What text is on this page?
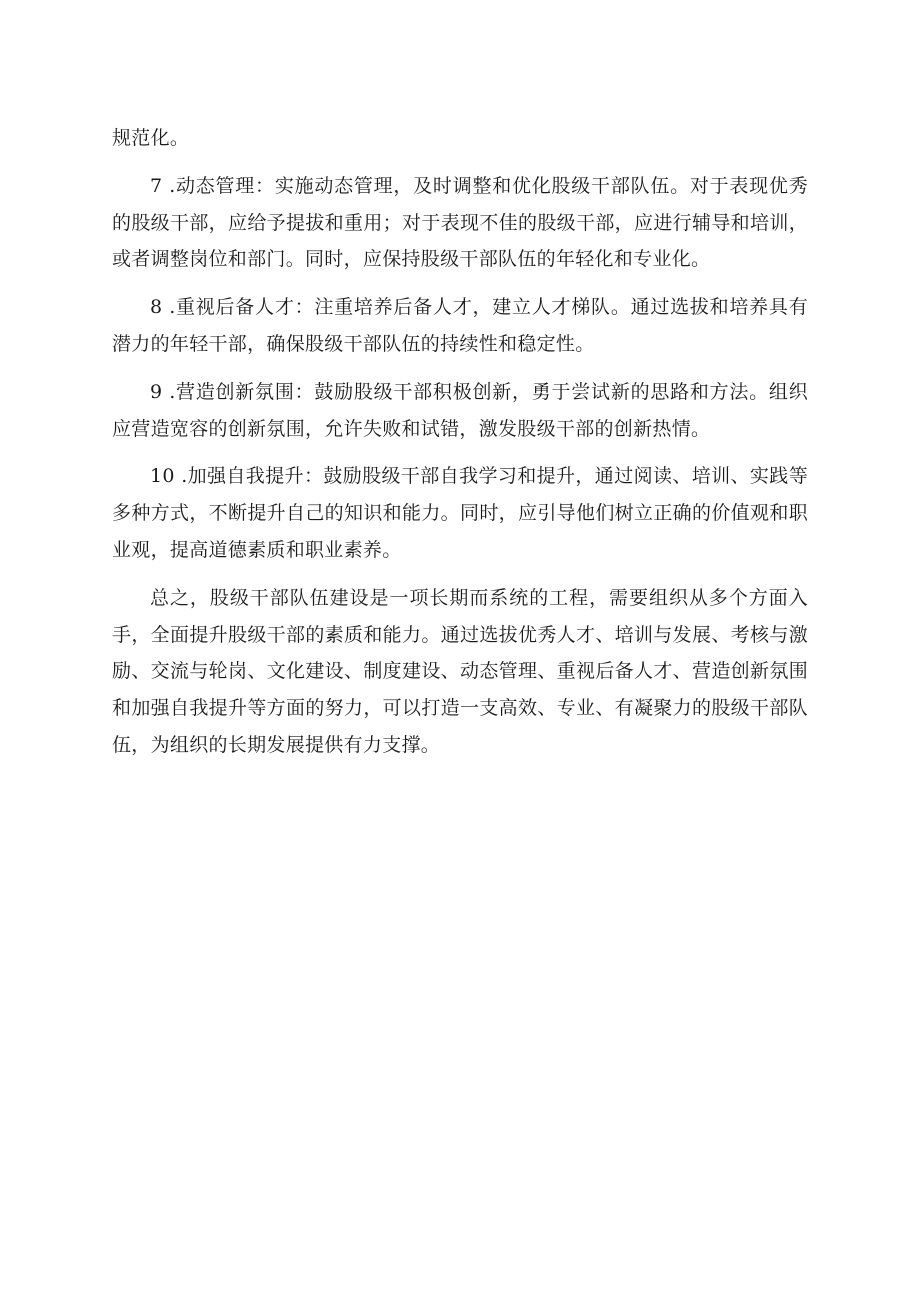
规范化。

7 .动态管理：实施动态管理，及时调整和优化股级干部队伍。对于表现优秀的股级干部，应给予提拔和重用；对于表现不佳的股级干部，应进行辅导和培训，或者调整岗位和部门。同时，应保持股级干部队伍的年轻化和专业化。

8 .重视后备人才：注重培养后备人才，建立人才梯队。通过选拔和培养具有潜力的年轻干部，确保股级干部队伍的持续性和稳定性。

9 .营造创新氛围：鼓励股级干部积极创新，勇于尝试新的思路和方法。组织应营造宽容的创新氛围，允许失败和试错，激发股级干部的创新热情。

10 .加强自我提升：鼓励股级干部自我学习和提升，通过阅读、培训、实践等多种方式，不断提升自己的知识和能力。同时，应引导他们树立正确的价值观和职业观，提高道德素质和职业素养。

总之，股级干部队伍建设是一项长期而系统的工程，需要组织从多个方面入手，全面提升股级干部的素质和能力。通过选拔优秀人才、培训与发展、考核与激励、交流与轮岗、文化建设、制度建设、动态管理、重视后备人才、营造创新氛围和加强自我提升等方面的努力，可以打造一支高效、专业、有凝聚力的股级干部队伍，为组织的长期发展提供有力支撑。
